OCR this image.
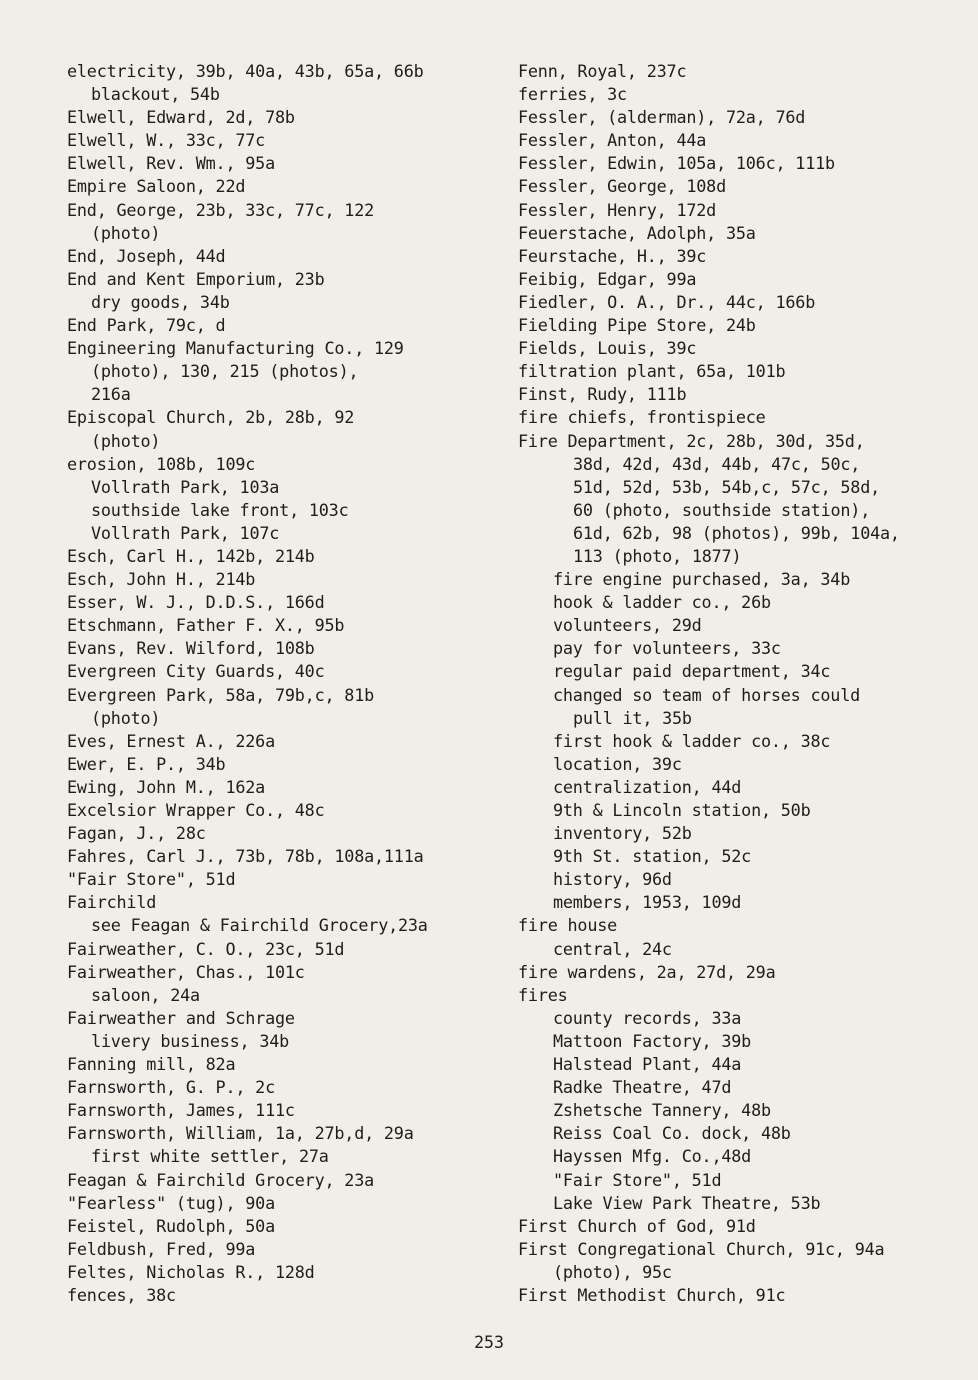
electricity, 39b, 40a, 43b, 65a, 66b
blackout, 54b
Elwell, Edward, 2d, 78b
Elwell, W., 33c, 77c
Elwell, Rev. Wm., 95a
Empire Saloon, 22d
End, George, 23b, 33c, 77c, 122
(photo)
End, Joseph, 44d
End and Kent Emporium, 23b
dry goods, 34b
End Park, 79c, d
Engineering Manufacturing Co., 129
(photo), 130, 215 (photos),
216a
Episcopal Church, 2b, 28b, 92
(photo)
erosion, 108b, 109c
Vollrath Park, 103a
southside lake front, 103c
Vollrath Park, 107c
Esch, Carl H., 142b, 214b
Esch, John H., 214b
Esser, W. J., D.D.S., 166d
Etschmann, Father F. X., 95b
Evans, Rev. Wilford, 108b
Evergreen City Guards, 40c
Evergreen Park, 58a, 79b,c, 81b
(photo)
Eves, Ernest A., 226a
Ewer, E. P., 34b
Ewing, John M., 162a
Excelsior Wrapper Co., 48c
Fagan, J., 28c
Fahres, Carl J., 73b, 78b, 108a,111a
"Fair Store", 51d
Fairchild
see Feagan & Fairchild Grocery,23a
Fairweather, C. O., 23c, 51d
Fairweather, Chas., 101c
saloon, 24a
Fairweather and Schrage
livery business, 34b
Fanning mill, 82a
Farnsworth, G. P., 2c
Farnsworth, James, 111c
Farnsworth, William, 1a, 27b,d, 29a
first white settler, 27a
Feagan & Fairchild Grocery, 23a
"Fearless" (tug), 90a
Feistel, Rudolph, 50a
Feldbush, Fred, 99a
Feltes, Nicholas R., 128d
fences, 38c
Fenn, Royal, 237c
ferries, 3c
Fessler, (alderman), 72a, 76d
Fessler, Anton, 44a
Fessler, Edwin, 105a, 106c, 111b
Fessler, George, 108d
Fessler, Henry, 172d
Feuerstache, Adolph, 35a
Feurstache, H., 39c
Feibig, Edgar, 99a
Fiedler, O. A., Dr., 44c, 166b
Fielding Pipe Store, 24b
Fields, Louis, 39c
filtration plant, 65a, 101b
Finst, Rudy, 111b
fire chiefs, frontispiece
Fire Department, 2c, 28b, 30d, 35d,
38d, 42d, 43d, 44b, 47c, 50c,
51d, 52d, 53b, 54b,c, 57c, 58d,
60 (photo, southside station),
61d, 62b, 98 (photos), 99b, 104a,
113 (photo, 1877)
fire engine purchased, 3a, 34b
hook & ladder co., 26b
volunteers, 29d
pay for volunteers, 33c
regular paid department, 34c
changed so team of horses could
pull it, 35b
first hook & ladder co., 38c
location, 39c
centralization, 44d
9th & Lincoln station, 50b
inventory, 52b
9th St. station, 52c
history, 96d
members, 1953, 109d
fire house
central, 24c
fire wardens, 2a, 27d, 29a
fires
county records, 33a
Mattoon Factory, 39b
Halstead Plant, 44a
Radke Theatre, 47d
Zshetsche Tannery, 48b
Reiss Coal Co. dock, 48b
Hayssen Mfg. Co.,48d
"Fair Store", 51d
Lake View Park Theatre, 53b
First Church of God, 91d
First Congregational Church, 91c, 94a
(photo), 95c
First Methodist Church, 91c
253
